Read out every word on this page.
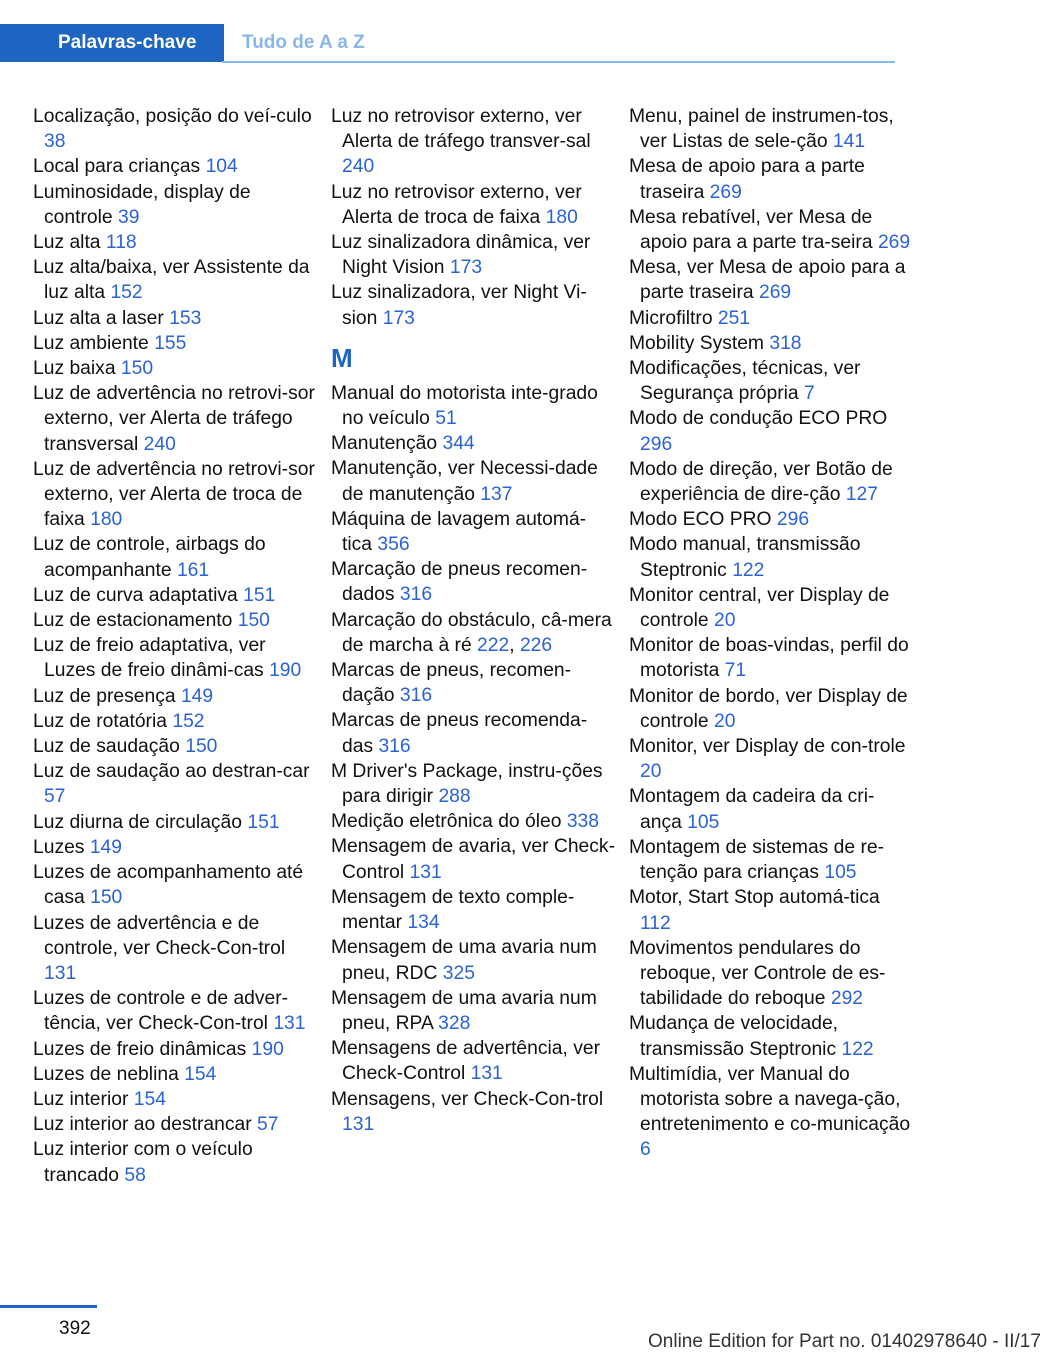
Palavras-chave	Tudo de A a Z

Localização, posição do veí-culo 38

Local para crianças 104

Luminosidade, display de controle 39

Luz alta 118

Luz alta/baixa, ver Assistente da luz alta 152

Luz alta a laser 153

Luz ambiente 155

Luz baixa 150

Luz de advertência no retrovi-sor externo, ver Alerta de tráfego transversal 240

Luz de advertência no retrovi-sor externo, ver Alerta de troca de faixa 180

Luz de controle, airbags do acompanhante 161

Luz de curva adaptativa 151

Luz de estacionamento 150

Luz de freio adaptativa, ver Luzes de freio dinâmi-cas 190

Luz de presença 149

Luz de rotatória 152

Luz de saudação 150

Luz de saudação ao destran-car 57

Luz diurna de circulação 151

Luzes 149

Luzes de acompanhamento até casa 150

Luzes de advertência e de controle, ver Check-Con-trol 131

Luzes de controle e de adver-tência, ver Check-Con-trol 131

Luzes de freio dinâmicas 190

Luzes de neblina 154

Luz interior 154

Luz interior ao destrancar 57

Luz interior com o veículo trancado 58

Luz no retrovisor externo, ver Alerta de tráfego transver-sal 240

Luz no retrovisor externo, ver Alerta de troca de faixa 180

Luz sinalizadora dinâmica, ver Night Vision 173

Luz sinalizadora, ver Night Vi-sion 173

M

Manual do motorista inte-grado no veículo 51

Manutenção 344

Manutenção, ver Necessi-dade de manutenção 137

Máquina de lavagem automá-tica 356

Marcação de pneus recomen-dados 316

Marcação do obstáculo, câ-mera de marcha à ré 222, 226

Marcas de pneus, recomen-dação 316

Marcas de pneus recomenda-das 316

M Driver's Package, instru-ções para dirigir 288

Medição eletrônica do óleo 338

Mensagem de avaria, ver Check-Control 131

Mensagem de texto comple-mentar 134

Mensagem de uma avaria num pneu, RDC 325

Mensagem de uma avaria num pneu, RPA 328

Mensagens de advertência, ver Check-Control 131

Mensagens, ver Check-Con-trol 131

Menu, painel de instrumen-tos, ver Listas de sele-ção 141

Mesa de apoio para a parte traseira 269

Mesa rebatível, ver Mesa de apoio para a parte tra-seira 269

Mesa, ver Mesa de apoio para a parte traseira 269

Microfiltro 251

Mobility System 318

Modificações, técnicas, ver Segurança própria 7

Modo de condução ECO PRO 296

Modo de direção, ver Botão de experiência de dire-ção 127

Modo ECO PRO 296

Modo manual, transmissão Steptronic 122

Monitor central, ver Display de controle 20

Monitor de boas-vindas, perfil do motorista 71

Monitor de bordo, ver Display de controle 20

Monitor, ver Display de con-trole 20

Montagem da cadeira da cri-ança 105

Montagem de sistemas de re-tenção para crianças 105

Motor, Start Stop automá-tica 112

Movimentos pendulares do reboque, ver Controle de es-tabilidade do reboque 292

Mudança de velocidade, transmissão Steptronic 122

Multimídia, ver Manual do motorista sobre a navega-ção, entretenimento e co-municação 6

392
Online Edition for Part no. 01402978640 - II/17
